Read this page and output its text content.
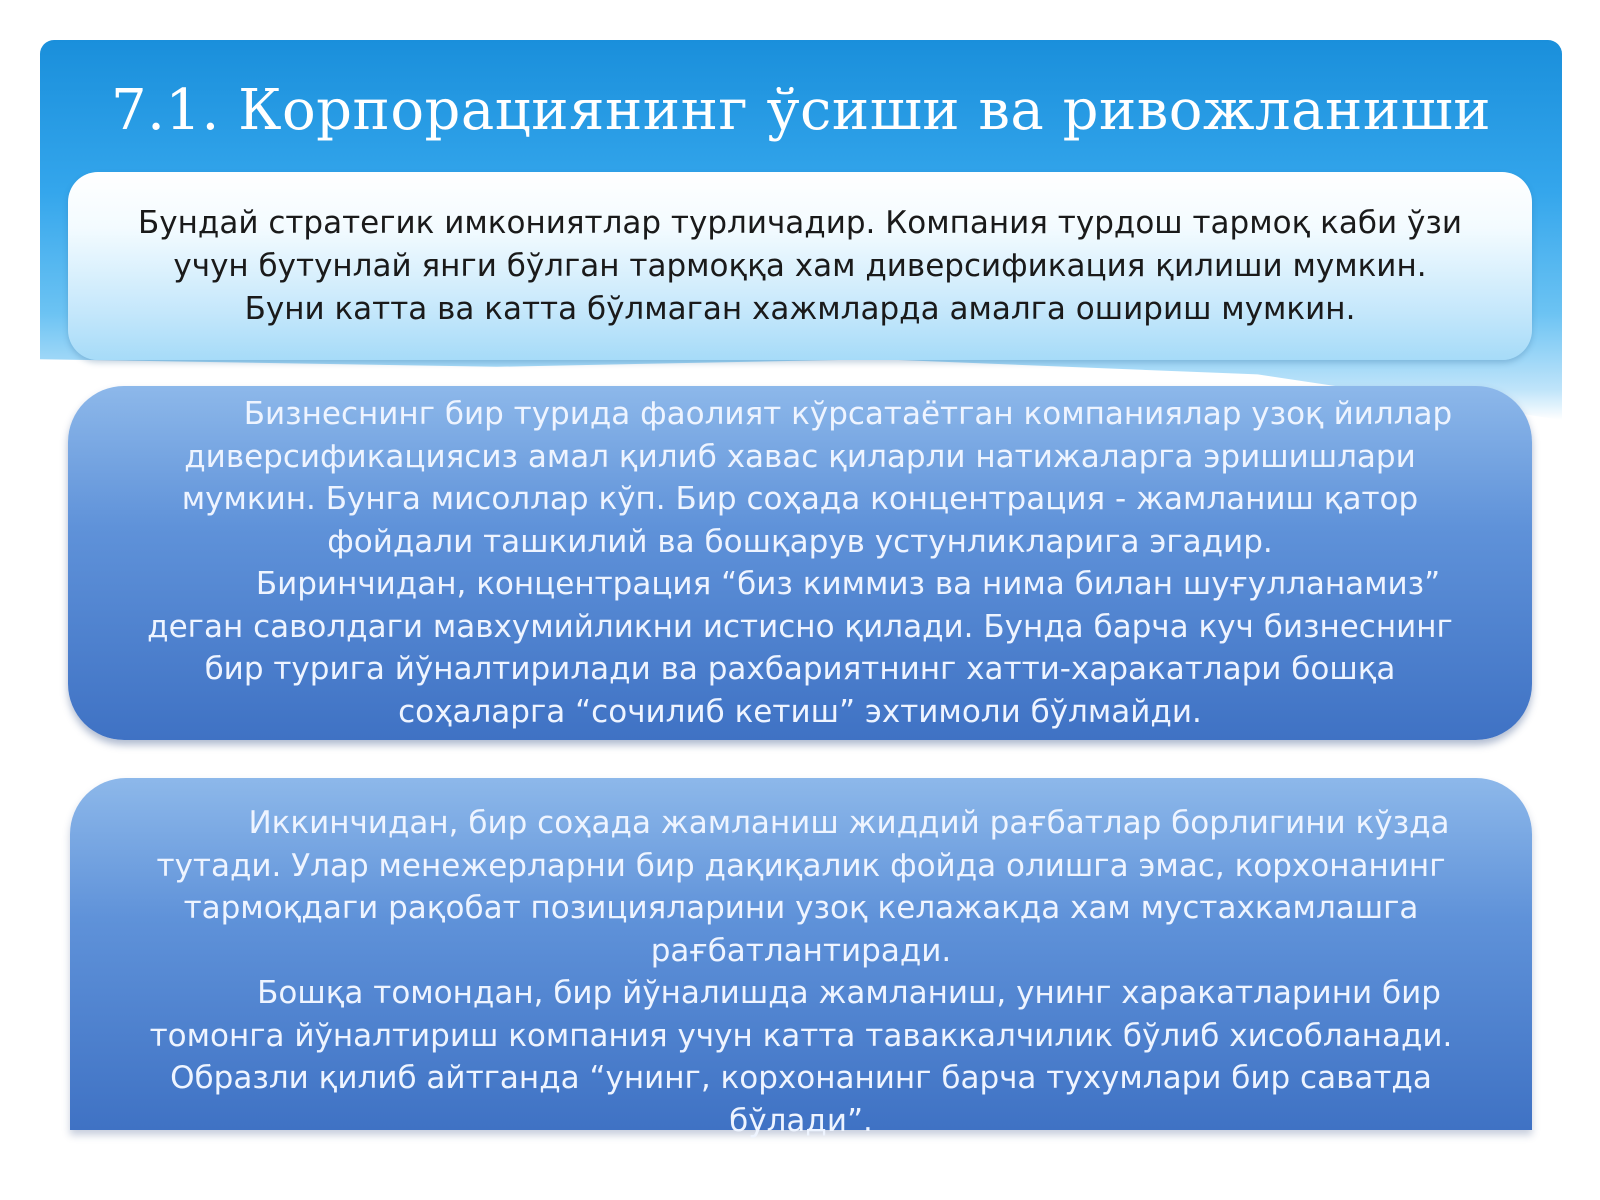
7.1. Корпорациянинг ўсиши ва ривожланиши
Бундай стратегик имкониятлар турличадир. Компания турдош тармоқ каби ўзи
учун бутунлай янги бўлган тармоққа хам диверсификация қилиши мумкин.
Буни катта ва катта бўлмаган хажмларда амалга ошириш мумкин.
Бизнеснинг бир турида фаолият кўрсатаётган компаниялар узоқ йиллар
диверсификациясиз амал қилиб хавас қиларли натижаларга эришишлари
мумкин. Бунга мисоллар кўп. Бир соҳада концентрация - жамланиш қатор
фойдали ташкилий ва бошқарув устунликларига эгадир.
Биринчидан, концентрация “биз киммиз ва нима билан шуғулланамиз”
деган саволдаги мавхумийликни истисно қилади. Бунда барча куч бизнеснинг
бир турига йўналтирилади ва рахбариятнинг хатти-харакатлари бошқа
соҳаларга “сочилиб кетиш” эхтимоли бўлмайди.
Иккинчидан, бир соҳада жамланиш жиддий рағбатлар борлигини кўзда
тутади. Улар менежерларни бир дақиқалик фойда олишга эмас, корхонанинг
тармоқдаги рақобат позицияларини узоқ келажакда хам мустахкамлашга
рағбатлантиради.
Бошқа томондан, бир йўналишда жамланиш, унинг харакатларини бир
томонга йўналтириш компания учун катта таваккалчилик бўлиб хисобланади.
Образли қилиб айтганда “унинг, корхонанинг барча тухумлари бир саватда
бўлади”.
